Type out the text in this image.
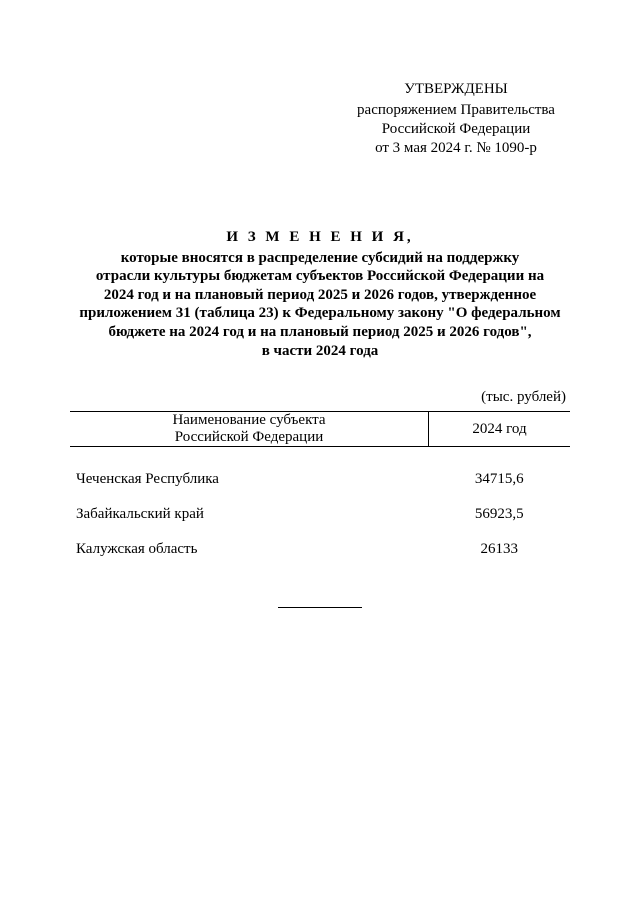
УТВЕРЖДЕНЫ
распоряжением Правительства
Российской Федерации
от 3 мая 2024 г. № 1090-р
И З М Е Н Е Н И Я,
которые вносятся в распределение субсидий на поддержку
отрасли культуры бюджетам субъектов Российской Федерации на
2024 год и на плановый период 2025 и 2026 годов, утвержденное
приложением 31 (таблица 23) к Федеральному закону "О федеральном
бюджете на 2024 год и на плановый период 2025 и 2026 годов",
в части 2024 года
(тыс. рублей)
Наименование субъекта
Российской Федерации	2024 год
Чеченская Республика	34715,6
Забайкальский край	56923,5
Калужская область	26133
